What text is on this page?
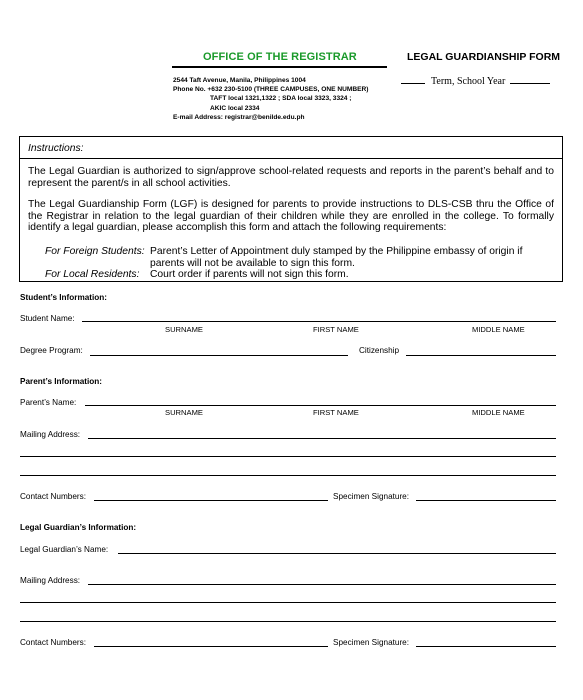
OFFICE OF THE REGISTRAR	LEGAL GUARDIANSHIP FORM
Term, School Year
2544 Taft Avenue, Manila, Philippines 1004
Phone No. +632 230-5100 (THREE CAMPUSES, ONE NUMBER)
TAFT local 1321,1322 ; SDA local 3323, 3324 ;
AKIC local 2334
E-mail Address: registrar@benilde.edu.ph
Instructions:
The Legal Guardian is authorized to sign/approve school-related requests and reports in the parent’s behalf and to represent the parent/s in all school activities.
The Legal Guardianship Form (LGF) is designed for parents to provide instructions to DLS-CSB thru the Office of the Registrar in relation to the legal guardian of their children while they are enrolled in the college. To formally identify a legal guardian, please accomplish this form and attach the following requirements:
For Foreign Students: Parent’s Letter of Appointment duly stamped by the Philippine embassy of origin if parents will not be available to sign this form.
For Local Residents: Court order if parents will not sign this form.
Student’s Information:
Student Name:
SURNAME	FIRST NAME	MIDDLE NAME
Degree Program:	Citizenship
Parent’s Information:
Parent’s Name:
SURNAME	FIRST NAME	MIDDLE NAME
Mailing Address:
Contact Numbers:	Specimen Signature:
Legal Guardian’s Information:
Legal Guardian’s Name:
Mailing Address:
Contact Numbers:	Specimen Signature:
